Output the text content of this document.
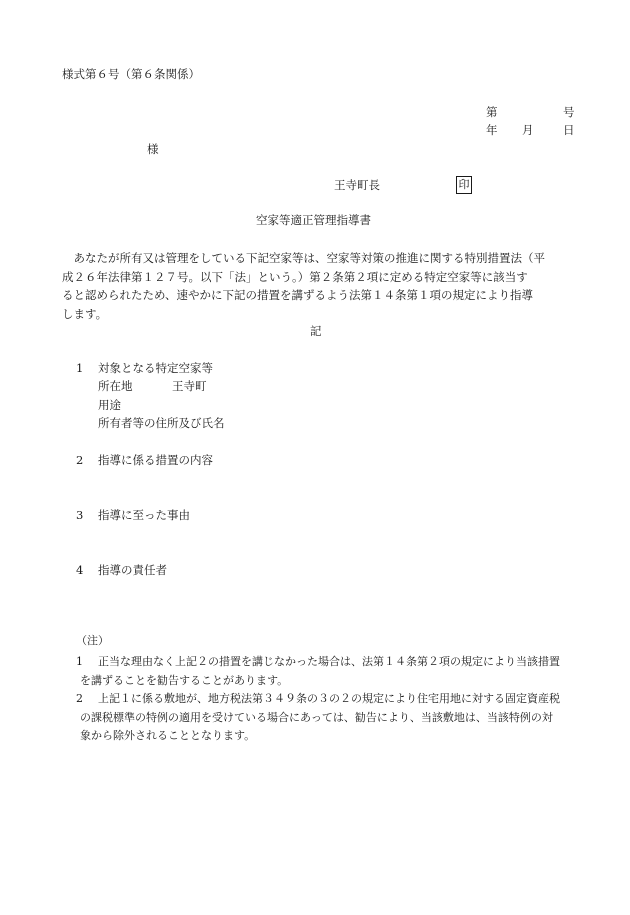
様式第６号（第６条関係）
第	号
年 月	日
様
王寺町長	印
空家等適正管理指導書
　あなたが所有又は管理をしている下記空家等は、空家等対策の推進に関する特別措置法（平
成２６年法律第１２７号。以下「法」という。）第２条第２項に定める特定空家等に該当す
ると認められたため、速やかに下記の措置を講ずるよう法第１４条第１項の規定により指導
します。
記
1 対象となる特定空家等
所在地	王寺町
用途
所有者等の住所及び氏名
2 指導に係る措置の内容
3 指導に至った事由
4 指導の責任者
（注）
1 正当な理由なく上記２の措置を講じなかった場合は、法第１４条第２項の規定により当該措置
を講ずることを勧告することがあります。
2 上記１に係る敷地が、地方税法第３４９条の３の２の規定により住宅用地に対する固定資産税
の課税標準の特例の適用を受けている場合にあっては、勧告により、当該敷地は、当該特例の対
象から除外されることとなります。
